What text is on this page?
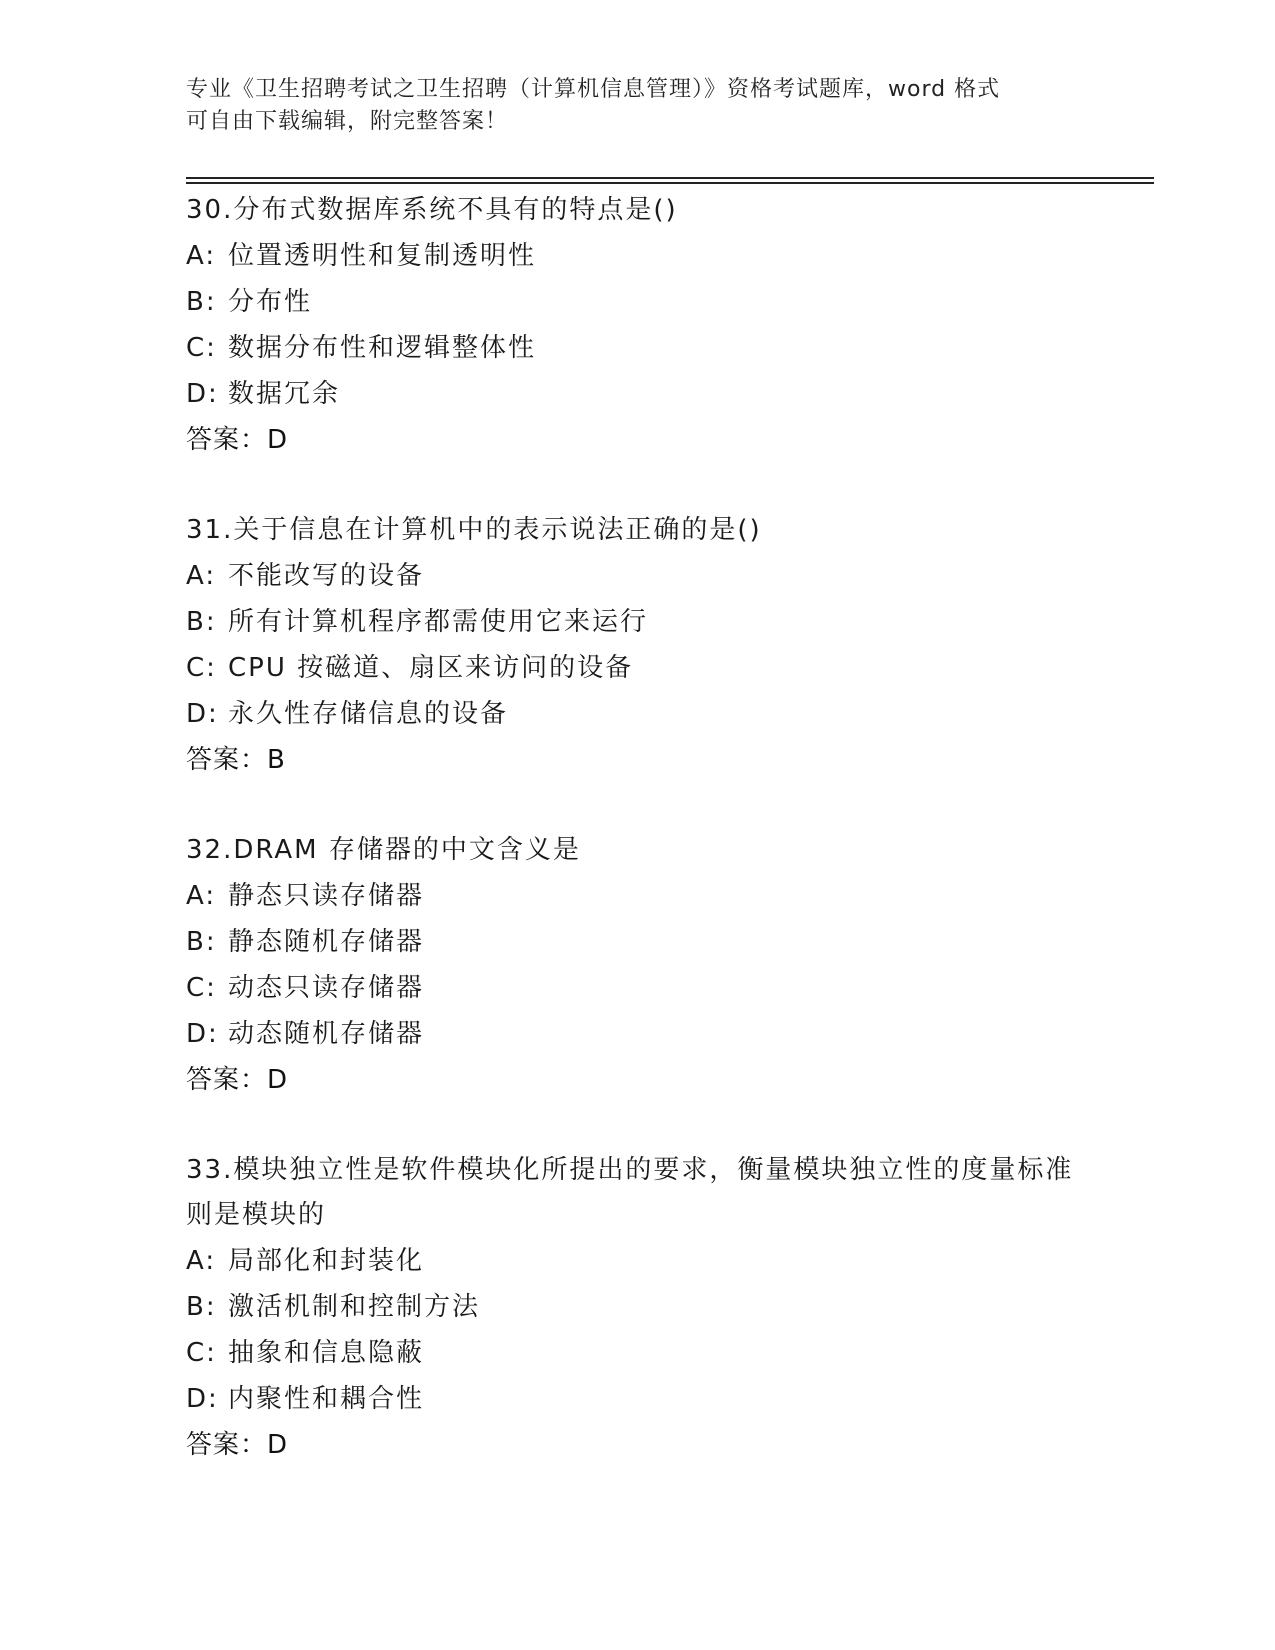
专业《卫生招聘考试之卫生招聘（计算机信息管理）》资格考试题库，word 格式
可自由下载编辑，附完整答案！
30.分布式数据库系统不具有的特点是()
A: 位置透明性和复制透明性
B: 分布性
C: 数据分布性和逻辑整体性
D: 数据冗余
答案：D
31.关于信息在计算机中的表示说法正确的是()
A: 不能改写的设备
B: 所有计算机程序都需使用它来运行
C: CPU 按磁道、扇区来访问的设备
D: 永久性存储信息的设备
答案：B
32.DRAM 存储器的中文含义是
A: 静态只读存储器
B: 静态随机存储器
C: 动态只读存储器
D: 动态随机存储器
答案：D
33.模块独立性是软件模块化所提出的要求，衡量模块独立性的度量标准则是模块的
A: 局部化和封装化
B: 激活机制和控制方法
C: 抽象和信息隐蔽
D: 内聚性和耦合性
答案：D
